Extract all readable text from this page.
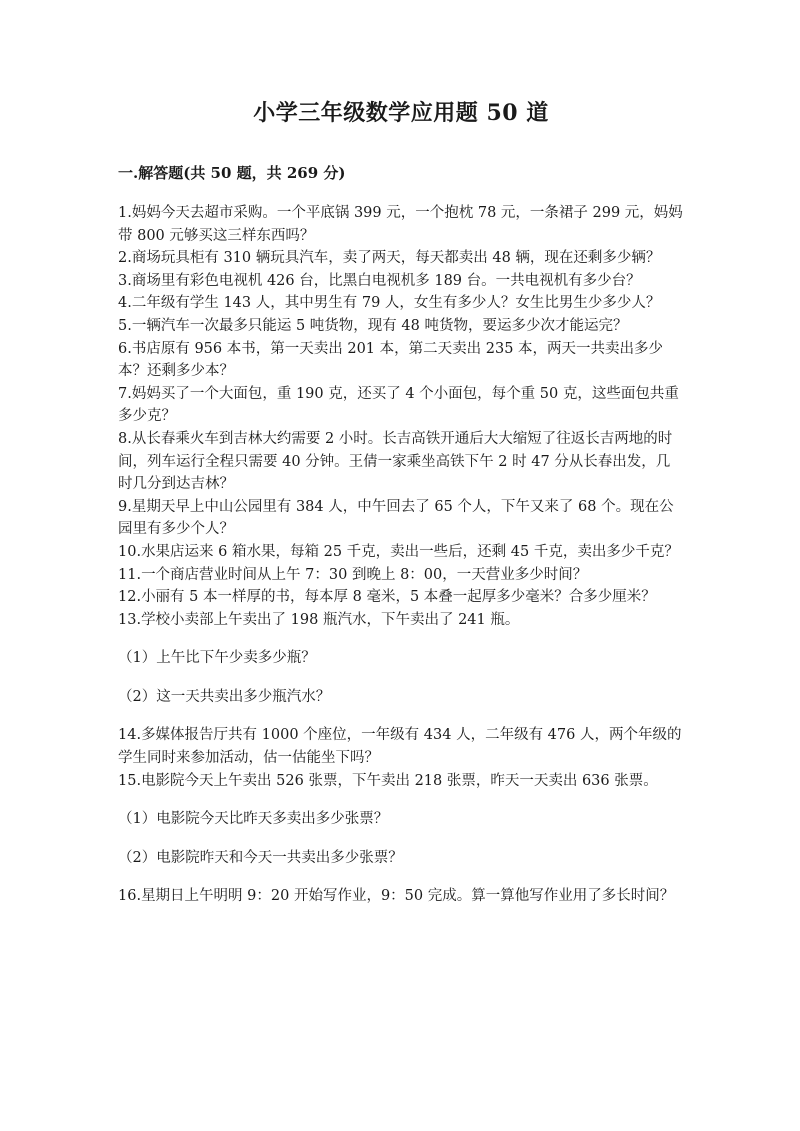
小学三年级数学应用题 50 道
一.解答题(共 50 题，共 269 分)
1.妈妈今天去超市采购。一个平底锅 399 元，一个抱枕 78 元，一条裙子 299 元，妈妈带 800 元够买这三样东西吗？
2.商场玩具柜有 310 辆玩具汽车，卖了两天，每天都卖出 48 辆，现在还剩多少辆？
3.商场里有彩色电视机 426 台，比黑白电视机多 189 台。一共电视机有多少台？
4.二年级有学生 143 人，其中男生有 79 人，女生有多少人？女生比男生少多少人？
5.一辆汽车一次最多只能运 5 吨货物，现有 48 吨货物，要运多少次才能运完？
6.书店原有 956 本书，第一天卖出 201 本，第二天卖出 235 本，两天一共卖出多少本？还剩多少本？
7.妈妈买了一个大面包，重 190 克，还买了 4 个小面包，每个重 50 克，这些面包共重多少克？
8.从长春乘火车到吉林大约需要 2 小时。长吉高铁开通后大大缩短了往返长吉两地的时间，列车运行全程只需要 40 分钟。王倩一家乘坐高铁下午 2 时 47 分从长春出发，几时几分到达吉林？
9.星期天早上中山公园里有 384 人，中午回去了 65 个人，下午又来了 68 个。现在公园里有多少个人？
10.水果店运来 6 箱水果，每箱 25 千克，卖出一些后，还剩 45 千克，卖出多少千克？
11.一个商店营业时间从上午 7：30 到晚上 8：00，一天营业多少时间？
12.小丽有 5 本一样厚的书，每本厚 8 毫米，5 本叠一起厚多少毫米？合多少厘米？
13.学校小卖部上午卖出了 198 瓶汽水，下午卖出了 241 瓶。
（1）上午比下午少卖多少瓶？
（2）这一天共卖出多少瓶汽水？
14.多媒体报告厅共有 1000 个座位，一年级有 434 人，二年级有 476 人，两个年级的学生同时来参加活动，估一估能坐下吗？
15.电影院今天上午卖出 526 张票，下午卖出 218 张票，昨天一天卖出 636 张票。
（1）电影院今天比昨天多卖出多少张票？
（2）电影院昨天和今天一共卖出多少张票？
16.星期日上午明明 9：20 开始写作业，9：50 完成。算一算他写作业用了多长时间？
